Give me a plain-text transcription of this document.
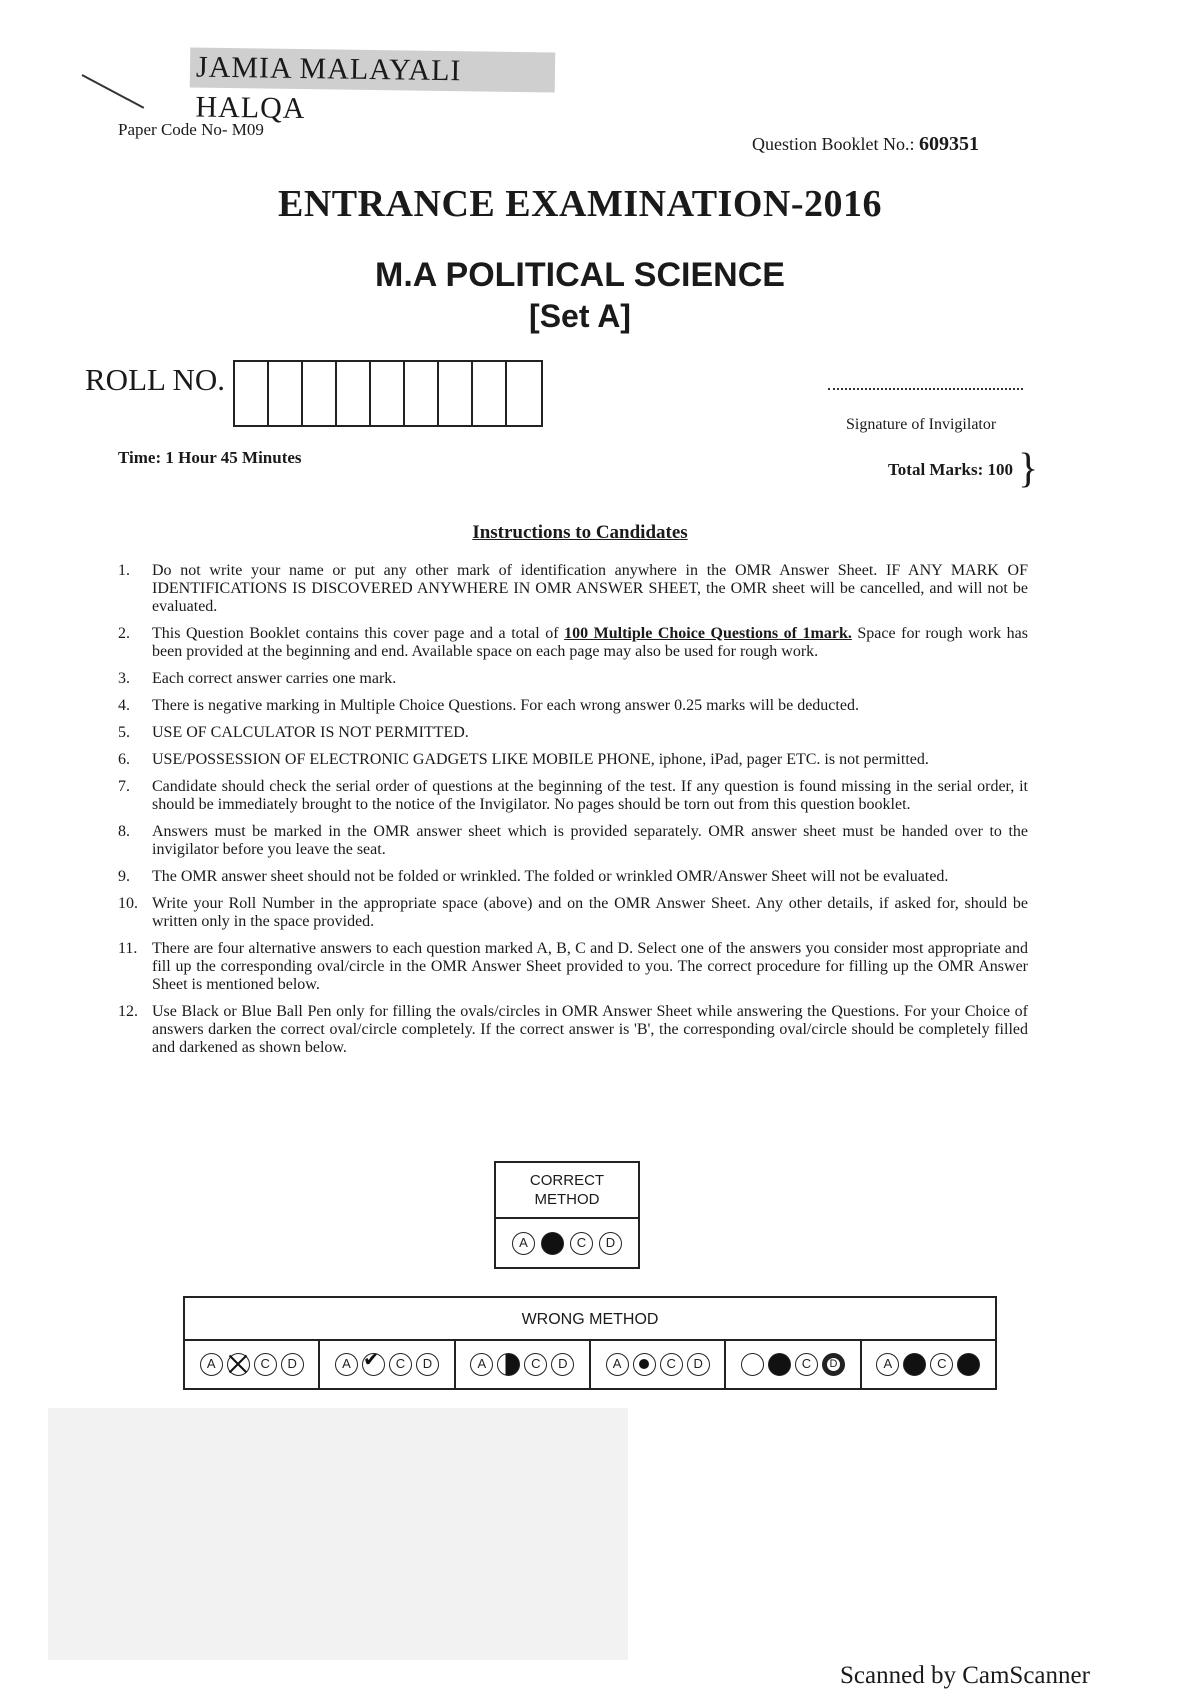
JAMIA MALAYALI HALQA
Paper Code No- M09
Question Booklet No.: 609351
ENTRANCE EXAMINATION-2016
M.A POLITICAL SCIENCE
[Set A]
ROLL NO.
Signature of Invigilator
Time: 1 Hour 45 Minutes
Total Marks: 100 }
Instructions to Candidates
1.	Do not write your name or put any other mark of identification anywhere in the OMR Answer Sheet. IF ANY MARK OF IDENTIFICATIONS IS DISCOVERED ANYWHERE IN OMR ANSWER SHEET, the OMR sheet will be cancelled, and will not be evaluated.
2.	This Question Booklet contains this cover page and a total of 100 Multiple Choice Questions of 1mark. Space for rough work has been provided at the beginning and end. Available space on each page may also be used for rough work.
3.	Each correct answer carries one mark.
4.	There is negative marking in Multiple Choice Questions. For each wrong answer 0.25 marks will be deducted.
5.	USE OF CALCULATOR IS NOT PERMITTED.
6.	USE/POSSESSION OF ELECTRONIC GADGETS LIKE MOBILE PHONE, iphone, iPad, pager ETC. is not permitted.
7.	Candidate should check the serial order of questions at the beginning of the test. If any question is found missing in the serial order, it should be immediately brought to the notice of the Invigilator. No pages should be torn out from this question booklet.
8.	Answers must be marked in the OMR answer sheet which is provided separately. OMR answer sheet must be handed over to the invigilator before you leave the seat.
9.	The OMR answer sheet should not be folded or wrinkled. The folded or wrinkled OMR/Answer Sheet will not be evaluated.
10. Write your Roll Number in the appropriate space (above) and on the OMR Answer Sheet. Any other details, if asked for, should be written only in the space provided.
11. There are four alternative answers to each question marked A, B, C and D. Select one of the answers you consider most appropriate and fill up the corresponding oval/circle in the OMR Answer Sheet provided to you. The correct procedure for filling up the OMR Answer Sheet is mentioned below.
12. Use Black or Blue Ball Pen only for filling the ovals/circles in OMR Answer Sheet while answering the Questions. For your Choice of answers darken the correct oval/circle completely. If the correct answer is 'B', the corresponding oval/circle should be completely filled and darkened as shown below.
CORRECT
METHOD
A	C	D
WRONG METHOD
A	C	D	A	C	D	A	C	D	A	C	D	C	D	A	C
Scanned by CamScanner
